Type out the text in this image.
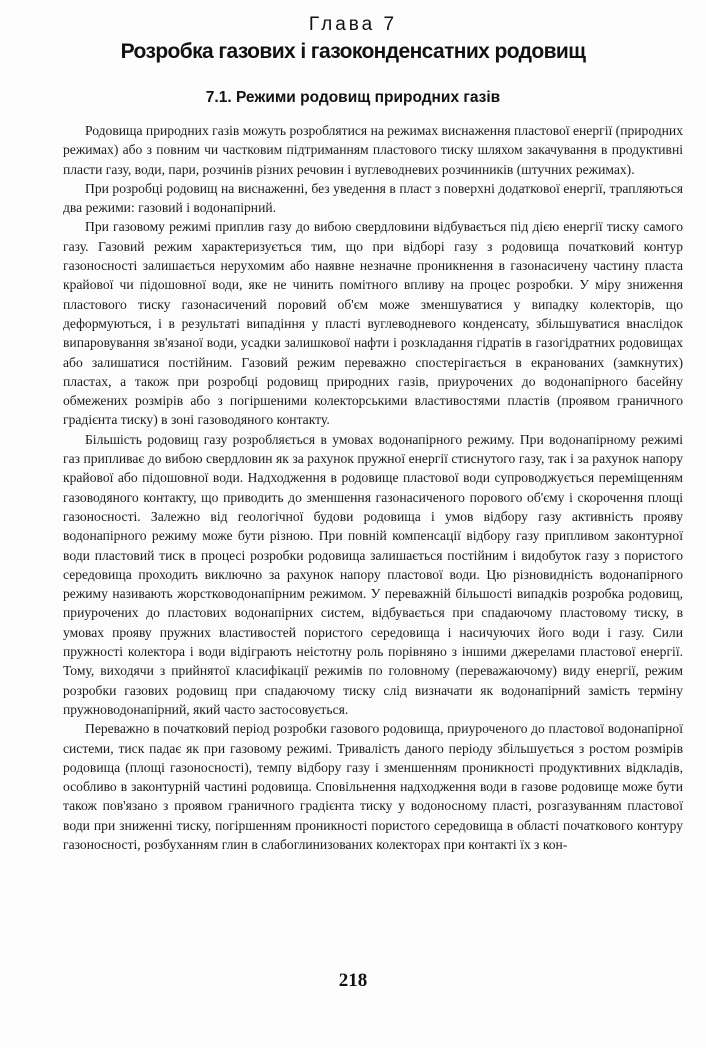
Глава 7
Розробка газових і газоконденсатних родовищ
7.1. Режими родовищ природних газів

Родовища природних газів можуть розроблятися на режимах виснаження пластової енергії (природних режимах) або з повним чи частковим підтриманням пластового тиску шляхом закачування в продуктивні пласти газу, води, пари, розчинів різних речовин і вуглеводневих розчинників (штучних режимах).

При розробці родовищ на виснаженні, без уведення в пласт з поверхні додаткової енергії, трапляються два режими: газовий і водонапірний.

При газовому режимі приплив газу до вибою свердловини відбувається під дією енергії тиску самого газу. Газовий режим характеризується тим, що при відборі газу з родовища початковий контур газоносності залишається нерухомим або наявне незначне проникнення в газонасичену частину пласта крайової чи підошовної води, яке не чинить помітного впливу на процес розробки. У міру зниження пластового тиску газонасичений поровий об'єм може зменшуватися у випадку колекторів, що деформуються, і в результаті випадіння у пласті вуглеводневого конденсату, збільшуватися внаслідок випаровування зв'язаної води, усадки залишкової нафти і розкладання гідратів в газогідратних родовищах або залишатися постійним. Газовий режим переважно спостерігається в екранованих (замкнутих) пластах, а також при розробці родовищ природних газів, приурочених до водонапірного басейну обмежених розмірів або з погіршеними колекторськими властивостями пластів (проявом граничного градієнта тиску) в зоні газоводяного контакту.

Більшість родовищ газу розробляється в умовах водонапірного режиму. При водонапірному режимі газ припливає до вибою свердловин як за рахунок пружної енергії стиснутого газу, так і за рахунок напору крайової або підошовної води. Надходження в родовище пластової води супроводжується переміщенням газоводяного контакту, що приводить до зменшення газонасиченого порового об'єму і скорочення площі газоносності. Залежно від геологічної будови родовища і умов відбору газу активність прояву водонапірного режиму може бути різною. При повній компенсації відбору газу припливом законтурної води пластовий тиск в процесі розробки родовища залишається постійним і видобуток газу з пористого середовища проходить виключно за рахунок напору пластової води. Цю різновидність водонапірного режиму називають жорстководонапірним режимом. У переважній більшості випадків розробка родовищ, приурочених до пластових водонапірних систем, відбувається при спадаючому пластовому тиску, в умовах прояву пружних властивостей пористого середовища і насичуючих його води і газу. Сили пружності колектора і води відіграють неістотну роль порівняно з іншими джерелами пластової енергії. Тому, виходячи з прийнятої класифікації режимів по головному (переважаючому) виду енергії, режим розробки газових родовищ при спадаючому тиску слід визначати як водонапірний замість терміну пружноводонапірний, який часто застосовується.

Переважно в початковий період розробки газового родовища, приуроченого до пластової водонапірної системи, тиск падає як при газовому режимі. Тривалість даного періоду збільшується з ростом розмірів родовища (площі газоносності), темпу відбору газу і зменшенням проникності продуктивних відкладів, особливо в законтурній частині родовища. Сповільнення надходження води в газове родовище може бути також пов'язано з проявом граничного градієнта тиску у водоносному пласті, розгазуванням пластової води при зниженні тиску, погіршенням проникності пористого середовища в області початкового контуру газоносності, розбуханням глин в слабоглинизованих колекторах при контакті їх з кон-

218
